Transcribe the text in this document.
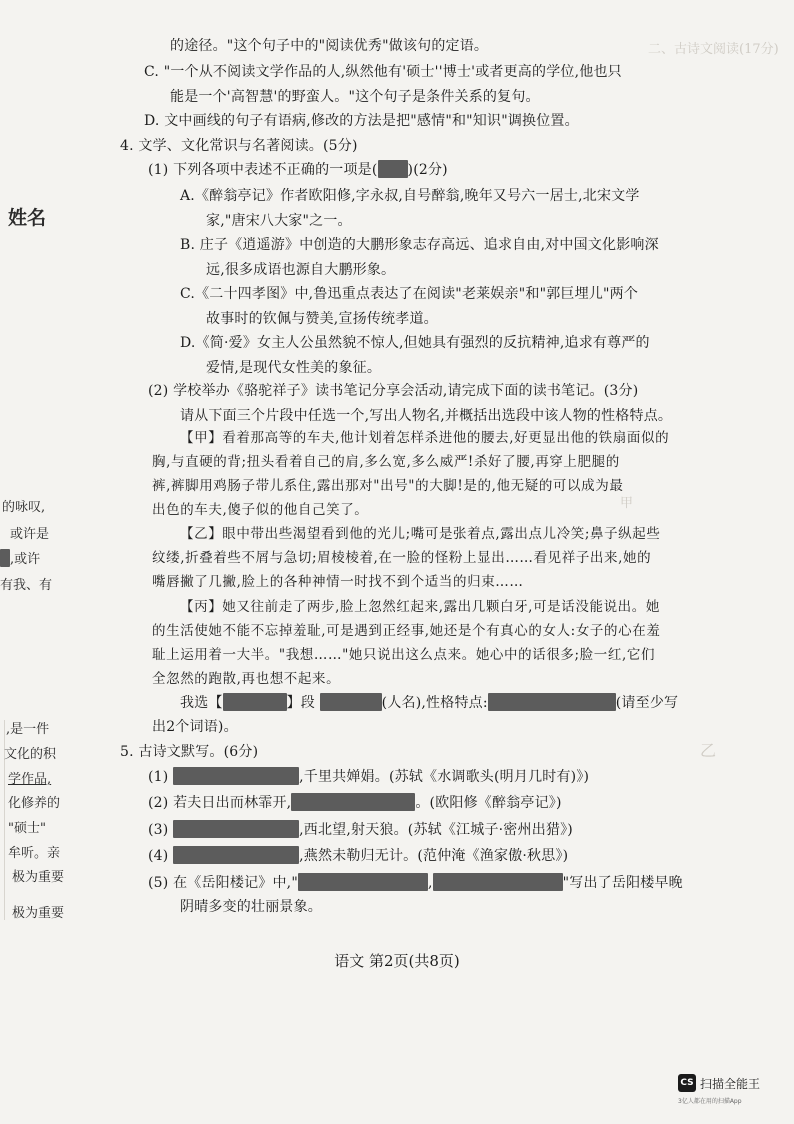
二、古诗文阅读(17分)
乙
甲
姓名
的咏叹,
或许是
,或许
有我、有
,是一件
文化的积
学作品,
化修养的
"硕士"
牟听。亲
极为重要
极为重要
的途径。"这个句子中的"阅读优秀"做该句的定语。
C. "一个从不阅读文学作品的人,纵然他有'硕士''博士'或者更高的学位,他也只
能是一个'高智慧'的野蛮人。"这个句子是条件关系的复句。
D. 文中画线的句子有语病,修改的方法是把"感情"和"知识"调换位置。
4. 文学、文化常识与名著阅读。(5分)
(1) 下列各项中表述不正确的一项是( )(2分)
A.《醉翁亭记》作者欧阳修,字永叔,自号醉翁,晚年又号六一居士,北宋文学
家,"唐宋八大家"之一。
B. 庄子《逍遥游》中创造的大鹏形象志存高远、追求自由,对中国文化影响深
远,很多成语也源自大鹏形象。
C.《二十四孝图》中,鲁迅重点表达了在阅读"老莱娱亲"和"郭巨埋儿"两个
故事时的钦佩与赞美,宣扬传统孝道。
D.《简·爱》女主人公虽然貌不惊人,但她具有强烈的反抗精神,追求有尊严的
爱情,是现代女性美的象征。
(2) 学校举办《骆驼祥子》读书笔记分享会活动,请完成下面的读书笔记。(3分)
请从下面三个片段中任选一个,写出人物名,并概括出选段中该人物的性格特点。
【甲】看着那高等的车夫,他计划着怎样杀进他的腰去,好更显出他的铁扇面似的
胸,与直硬的背;扭头看着自己的肩,多么宽,多么威严!杀好了腰,再穿上肥腿的
裤,裤脚用鸡肠子带儿系住,露出那对"出号"的大脚!是的,他无疑的可以成为最
出色的车夫,傻子似的他自己笑了。
【乙】眼中带出些渴望看到他的光儿;嘴可是张着点,露出点儿冷笑;鼻子纵起些
纹缕,折叠着些不屑与急切;眉棱棱着,在一脸的怪粉上显出……看见祥子出来,她的
嘴唇撇了几撇,脸上的各种神情一时找不到个适当的归束……
【丙】她又往前走了两步,脸上忽然红起来,露出几颗白牙,可是话没能说出。她
的生活使她不能不忘掉羞耻,可是遇到正经事,她还是个有真心的女人:女子的心在羞
耻上运用着一大半。"我想……"她只说出这么点来。她心中的话很多;脸一红,它们
全忽然的跑散,再也想不起来。
我选【	】段	(人名),性格特点:	(请至少写
出2个词语)。
5. 古诗文默写。(6分)
(1)	,千里共婵娟。(苏轼《水调歌头(明月几时有)》)
(2) 若夫日出而林霏开,	。(欧阳修《醉翁亭记》)
(3)	,西北望,射天狼。(苏轼《江城子·密州出猎》)
(4)	,燕然未勒归无计。(范仲淹《渔家傲·秋思》)
(5) 在《岳阳楼记》中,"	,	"写出了岳阳楼早晚
阴晴多变的壮丽景象。
语文 第2页(共8页)
CS 扫描全能王
3亿人都在用的扫描App
